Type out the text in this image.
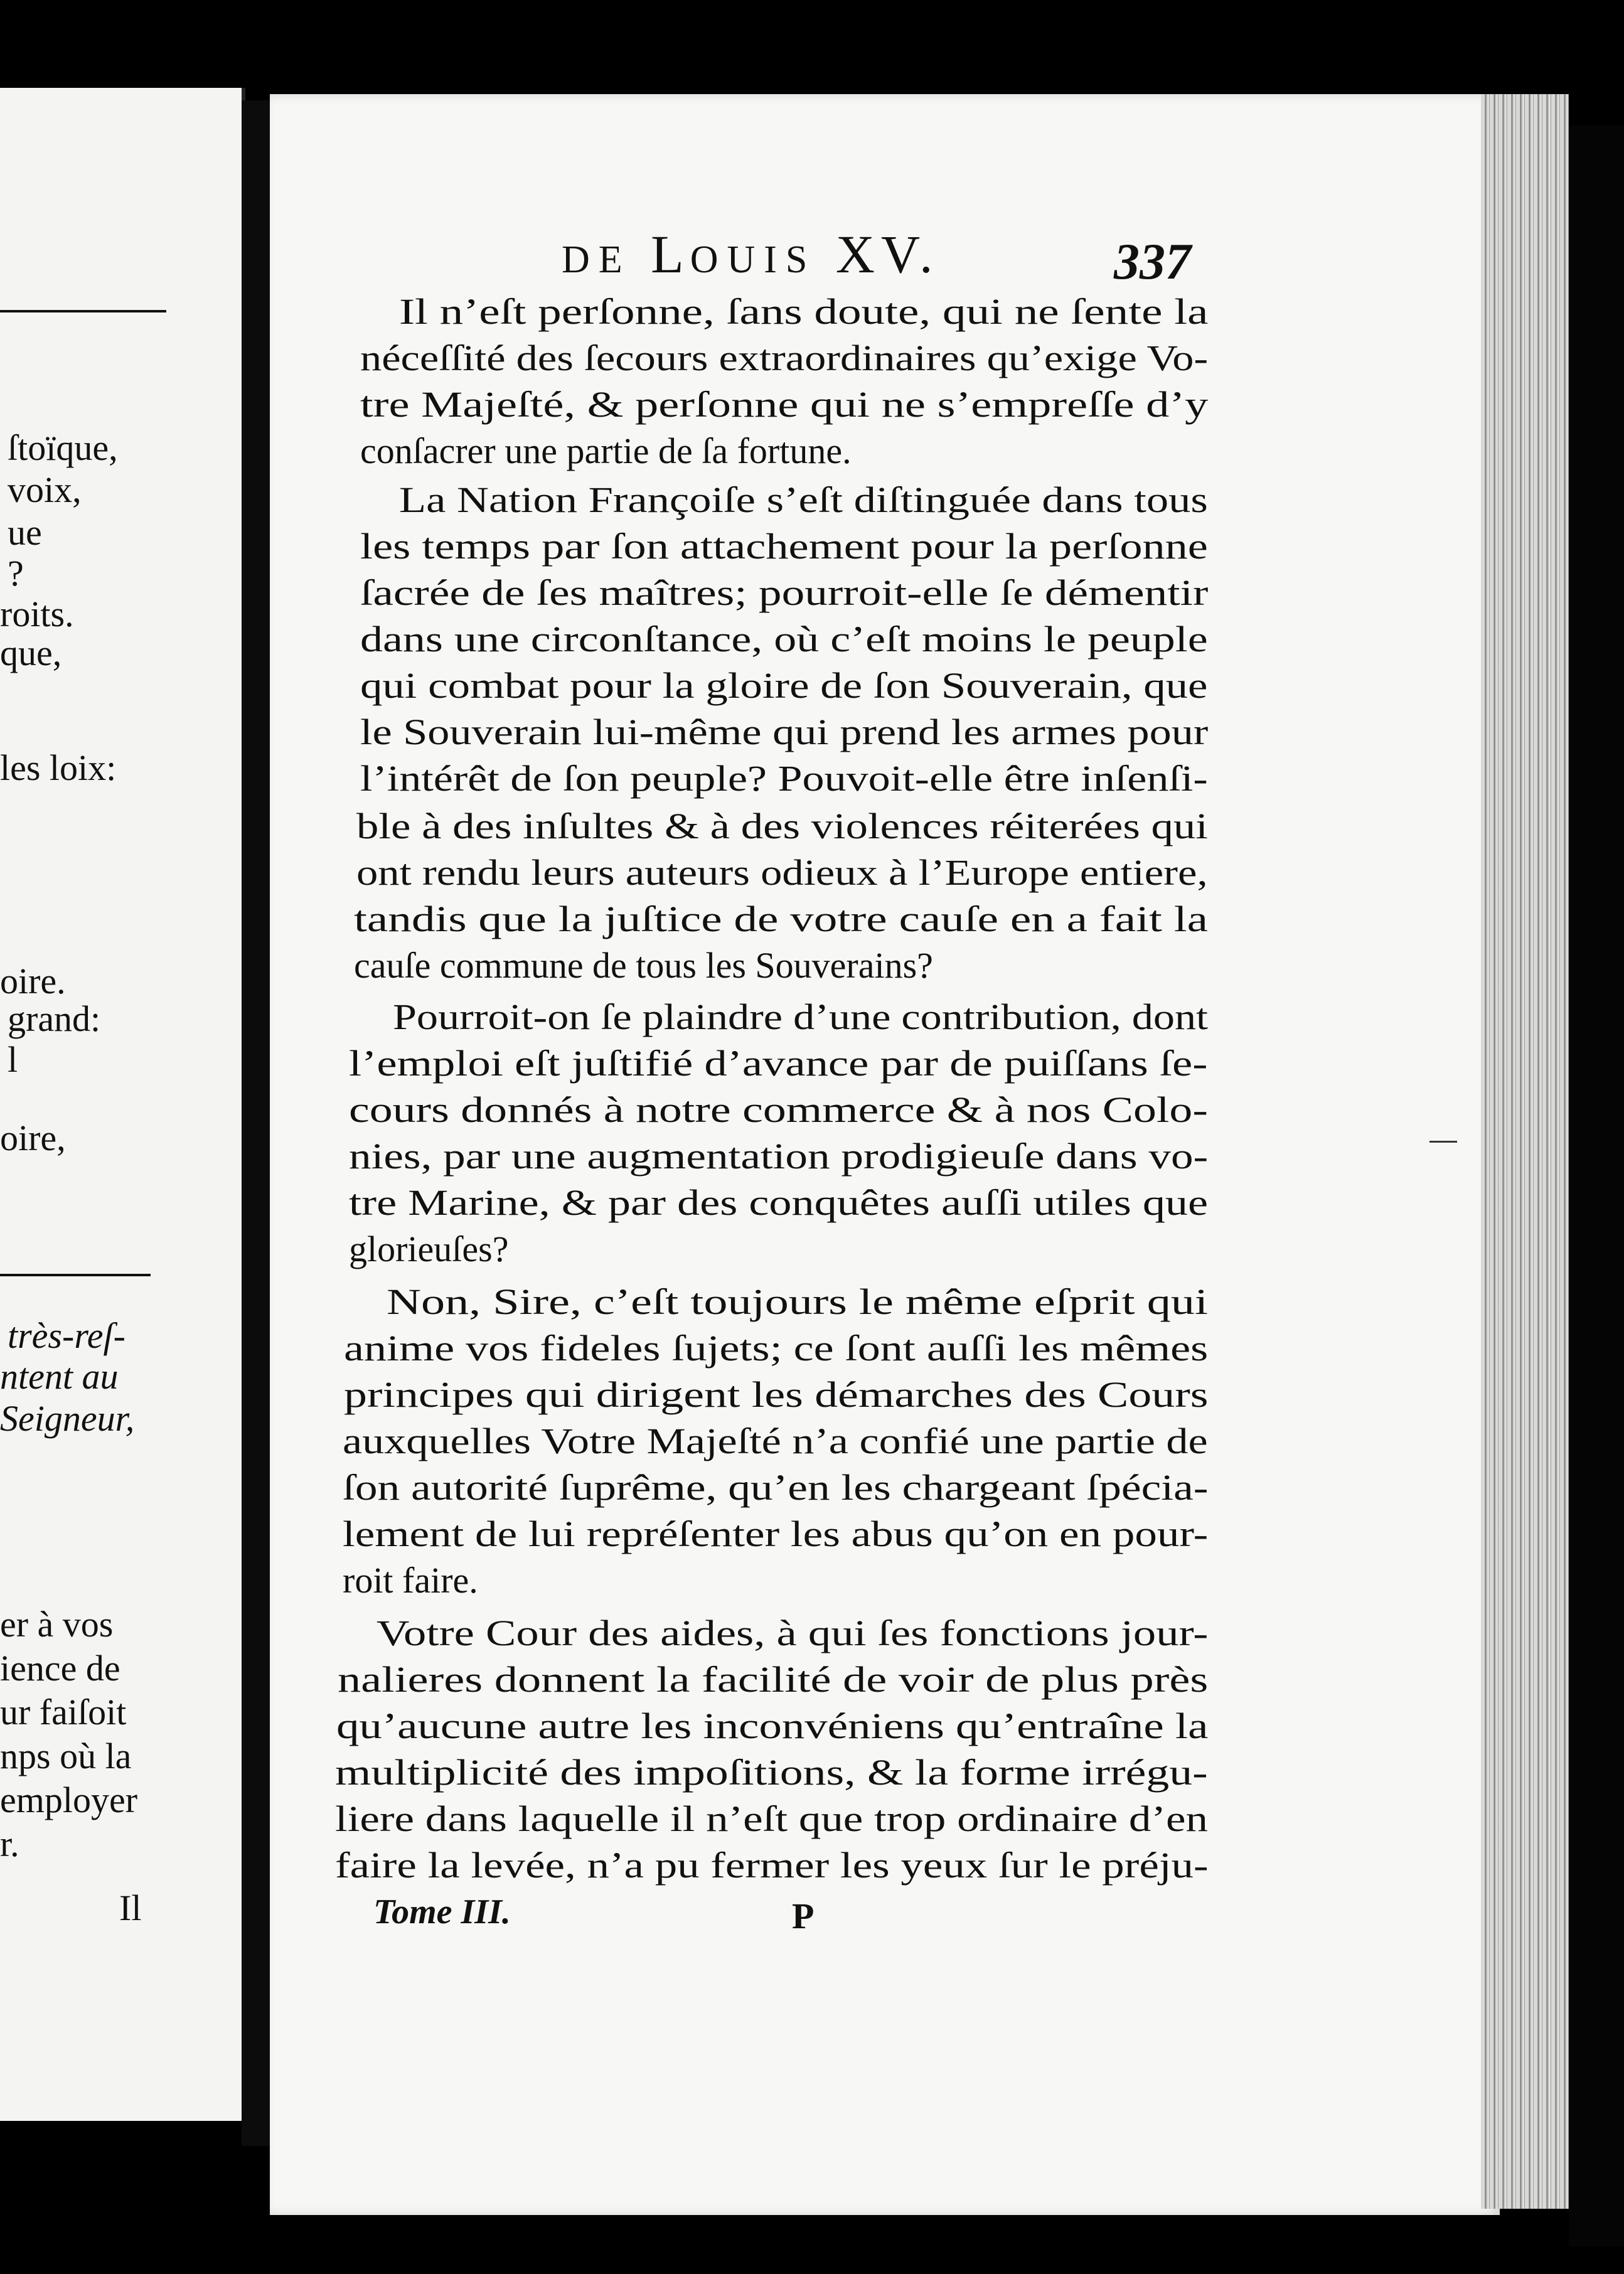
ſtoïque,
voix,
ue
?
roits.
que,
les loix:
oire.
grand:
l
oire,
très-reſ-
ntent au
Seigneur,
er à vos
ience de
ur faiſoit
nps où la
employer
r.
Il
DE LOUIS XV.	337
Il n’eſt perſonne, ſans doute, qui ne ſente la
néceſſité des ſecours extraordinaires qu’exige Vo-
tre Majeſté, & perſonne qui ne s’empreſſe d’y
conſacrer une partie de ſa fortune.
La Nation Françoiſe s’eſt diſtinguée dans tous
les temps par ſon attachement pour la perſonne
ſacrée de ſes maîtres; pourroit-elle ſe démentir
dans une circonſtance, où c’eſt moins le peuple
qui combat pour la gloire de ſon Souverain, que
le Souverain lui-même qui prend les armes pour
l’intérêt de ſon peuple? Pouvoit-elle être inſenſi-
ble à des inſultes & à des violences réiterées qui
ont rendu leurs auteurs odieux à l’Europe entiere,
tandis que la juſtice de votre cauſe en a fait la
cauſe commune de tous les Souverains?
Pourroit-on ſe plaindre d’une contribution, dont
l’emploi eſt juſtifié d’avance par de puiſſans ſe-
cours donnés à notre commerce & à nos Colo-
nies, par une augmentation prodigieuſe dans vo-
tre Marine, & par des conquêtes auſſi utiles que
glorieuſes?
Non, Sire, c’eſt toujours le même eſprit qui
anime vos fideles ſujets; ce ſont auſſi les mêmes
principes qui dirigent les démarches des Cours
auxquelles Votre Majeſté n’a confié une partie de
ſon autorité ſuprême, qu’en les chargeant ſpécia-
lement de lui repréſenter les abus qu’on en pour-
roit faire.
Votre Cour des aides, à qui ſes fonctions jour-
nalieres donnent la facilité de voir de plus près
qu’aucune autre les inconvéniens qu’entraîne la
multiplicité des impoſitions, & la forme irrégu-
liere dans laquelle il n’eſt que trop ordinaire d’en
faire la levée, n’a pu fermer les yeux ſur le préju-
Tome III.	P
